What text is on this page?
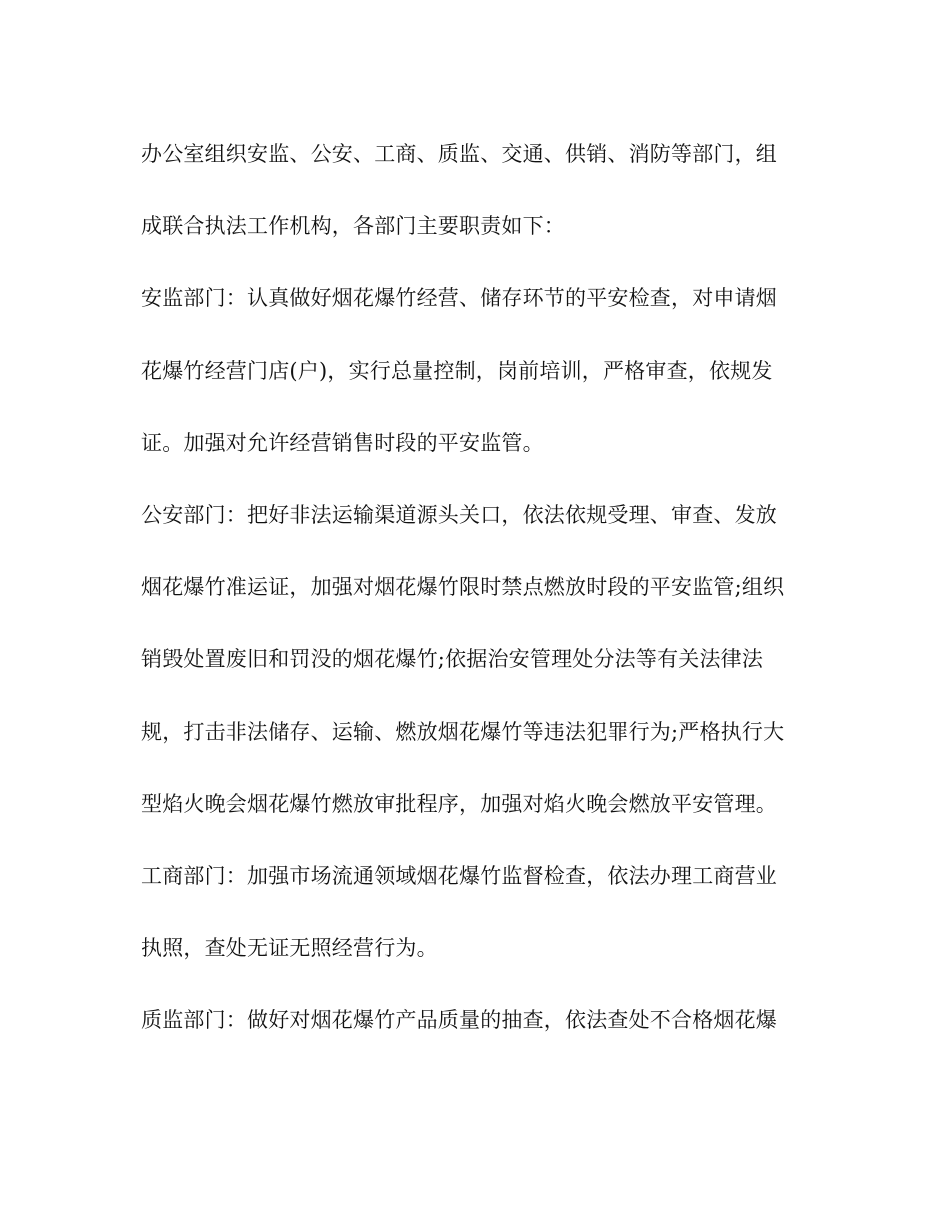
办公室组织安监、公安、工商、质监、交通、供销、消防等部门，组
成联合执法工作机构，各部门主要职责如下：
安监部门：认真做好烟花爆竹经营、储存环节的平安检查，对申请烟
花爆竹经营门店(户)，实行总量控制，岗前培训，严格审查，依规发
证。加强对允许经营销售时段的平安监管。
公安部门：把好非法运输渠道源头关口，依法依规受理、审查、发放
烟花爆竹准运证，加强对烟花爆竹限时禁点燃放时段的平安监管;组织
销毁处置废旧和罚没的烟花爆竹;依据治安管理处分法等有关法律法
规，打击非法储存、运输、燃放烟花爆竹等违法犯罪行为;严格执行大
型焰火晚会烟花爆竹燃放审批程序，加强对焰火晚会燃放平安管理。
工商部门：加强市场流通领域烟花爆竹监督检查，依法办理工商营业
执照，查处无证无照经营行为。
质监部门：做好对烟花爆竹产品质量的抽查，依法查处不合格烟花爆
